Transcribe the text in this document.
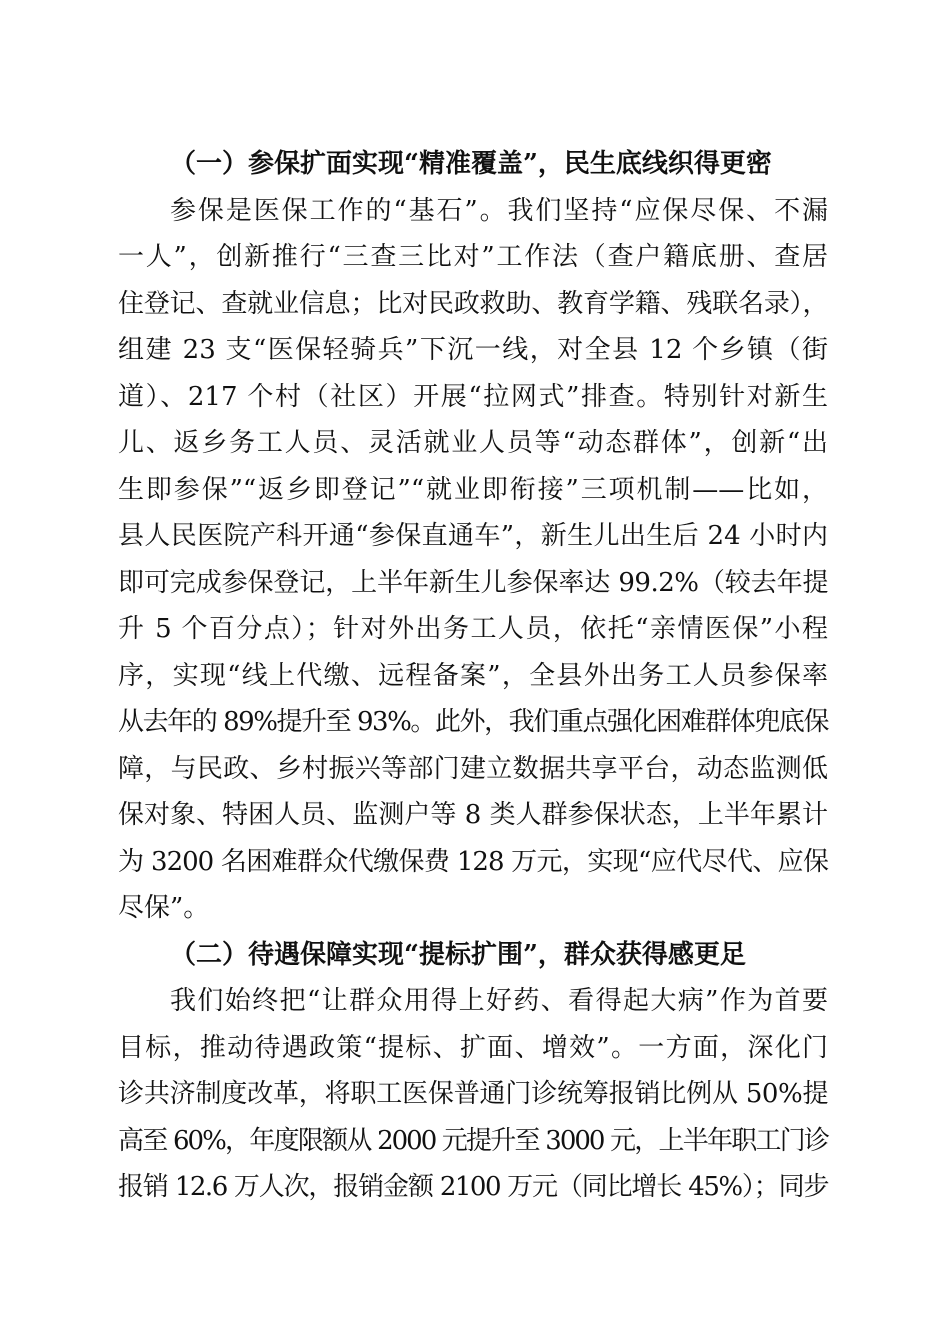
（一）参保扩面实现“精准覆盖”，民生底线织得更密
参保是医保工作的“基石”。我们坚持“应保尽保、不漏
一人”，创新推行“三查三比对”工作法（查户籍底册、查居
住登记、查就业信息；比对民政救助、教育学籍、残联名录），
组建 23 支“医保轻骑兵”下沉一线，对全县 12 个乡镇（街
道）、217 个村（社区）开展“拉网式”排查。特别针对新生
儿、返乡务工人员、灵活就业人员等“动态群体”，创新“出
生即参保”“返乡即登记”“就业即衔接”三项机制——比如，
县人民医院产科开通“参保直通车”，新生儿出生后 24 小时内
即可完成参保登记，上半年新生儿参保率达 99.2%（较去年提
升 5 个百分点）；针对外出务工人员，依托“亲情医保”小程
序，实现“线上代缴、远程备案”，全县外出务工人员参保率
从去年的 89%提升至 93%。此外，我们重点强化困难群体兜底保
障，与民政、乡村振兴等部门建立数据共享平台，动态监测低
保对象、特困人员、监测户等 8 类人群参保状态，上半年累计
为 3200 名困难群众代缴保费 128 万元，实现“应代尽代、应保
尽保”。
（二）待遇保障实现“提标扩围”，群众获得感更足
我们始终把“让群众用得上好药、看得起大病”作为首要
目标，推动待遇政策“提标、扩面、增效”。一方面，深化门
诊共济制度改革，将职工医保普通门诊统筹报销比例从 50%提
高至 60%，年度限额从 2000 元提升至 3000 元，上半年职工门诊
报销 12.6 万人次，报销金额 2100 万元（同比增长 45%）；同步
